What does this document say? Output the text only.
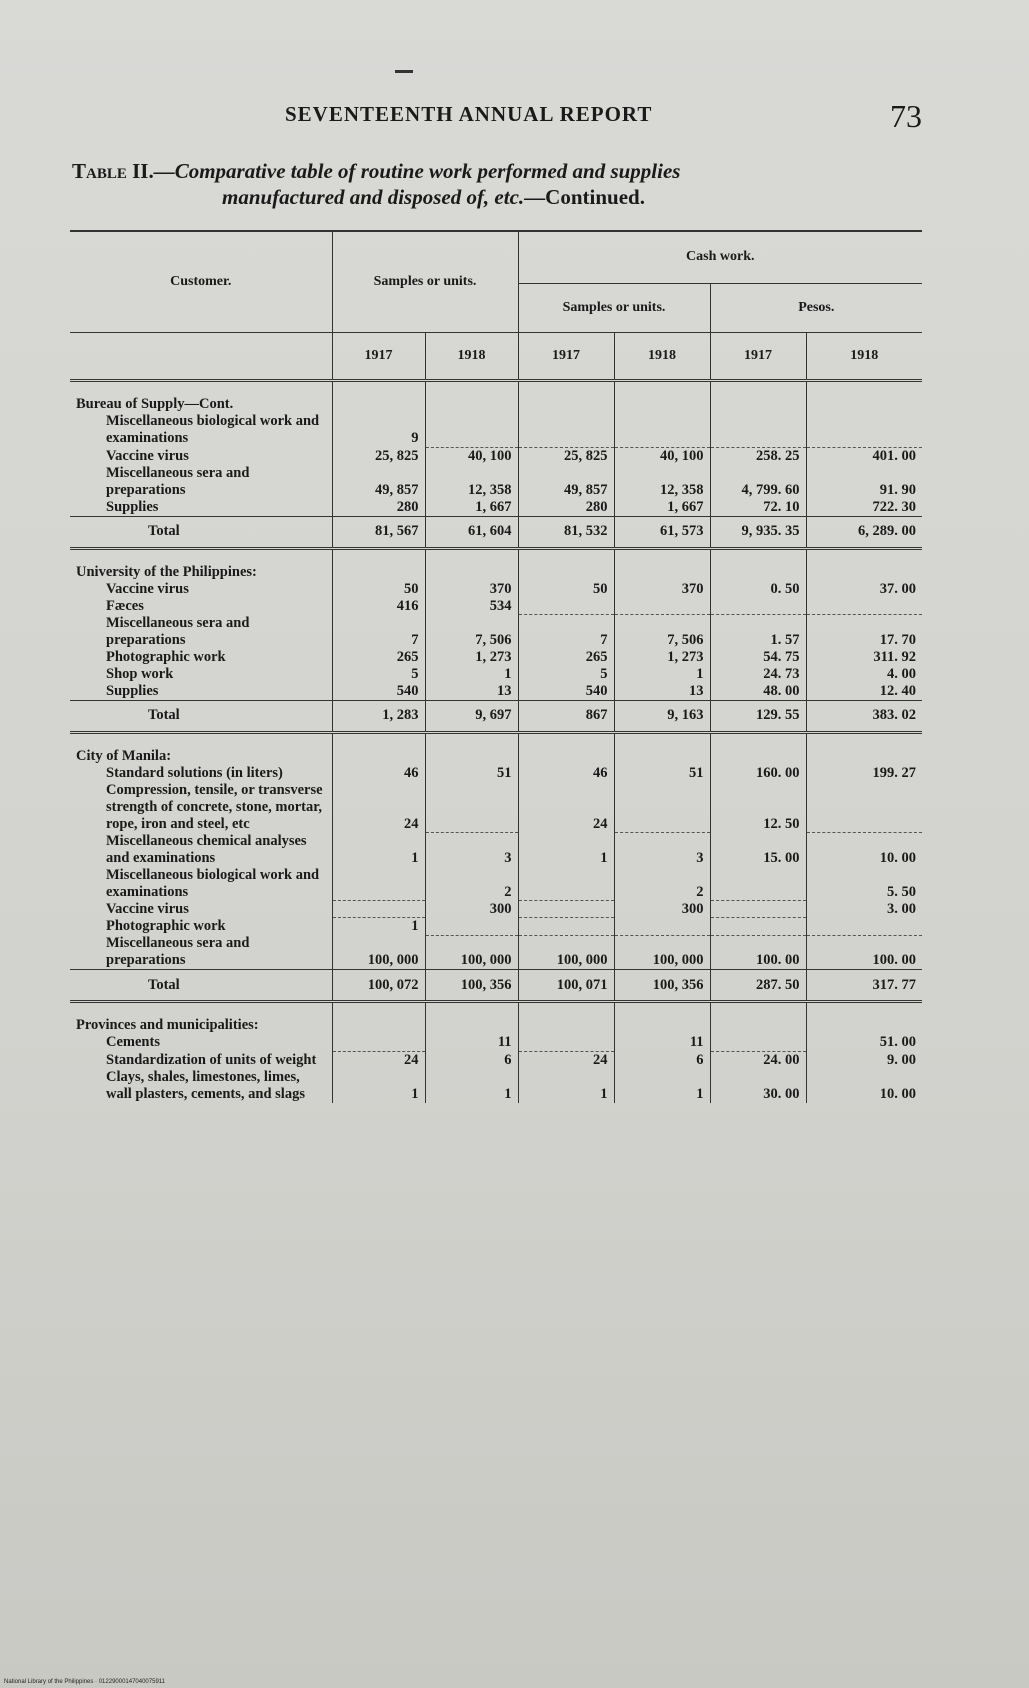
SEVENTEENTH ANNUAL REPORT	73
Table II.—Comparative table of routine work performed and supplies
manufactured and disposed of, etc.—Continued.
Customer.	Samples or units.		Cash work.			
			Samples or units.		Pesos.	
	1917	1918	1917	1918	1917	1918
Bureau of Supply—Cont.						

Miscellaneous biological work and examinations	9					

Vaccine virus	25, 825	40, 100	25, 825	40, 100	258. 25	401. 00

Miscellaneous sera and preparations	49, 857	12, 358	49, 857	12, 358	4, 799. 60	91. 90

Supplies	280	1, 667	280	1, 667	72. 10	722. 30
Total	81, 567	61, 604	81, 532	61, 573	9, 935. 35	6, 289. 00
University of the Philippines:						

Vaccine virus	50	370	50	370	0. 50	37. 00

Fæces	416	534				

Miscellaneous sera and preparations	7	7, 506	7	7, 506	1. 57	17. 70

Photographic work	265	1, 273	265	1, 273	54. 75	311. 92

Shop work	5	1	5	1	24. 73	4. 00

Supplies	540	13	540	13	48. 00	12. 40
Total	1, 283	9, 697	867	9, 163	129. 55	383. 02
City of Manila:						

Standard solutions (in liters)	46	51	46	51	160. 00	199. 27

Compression, tensile, or transverse strength of concrete, stone, mortar, rope, iron and steel, etc	24		24		12. 50	

Miscellaneous chemical analyses and examinations	1	3	1	3	15. 00	10. 00

Miscellaneous biological work and examinations		2		2		5. 50

Vaccine virus		300		300		3. 00

Photographic work	1					

Miscellaneous sera and preparations	100, 000	100, 000	100, 000	100, 000	100. 00	100. 00
Total	100, 072	100, 356	100, 071	100, 356	287. 50	317. 77
Provinces and municipalities:						

Cements		11		11		51. 00

Standardization of units of weight	24	6	24	6	24. 00	9. 00

Clays, shales, limestones, limes, wall plasters, cements, and slags	1	1	1	1	30. 00	10. 00
National Library of the Philippines · 01229000147040075911
